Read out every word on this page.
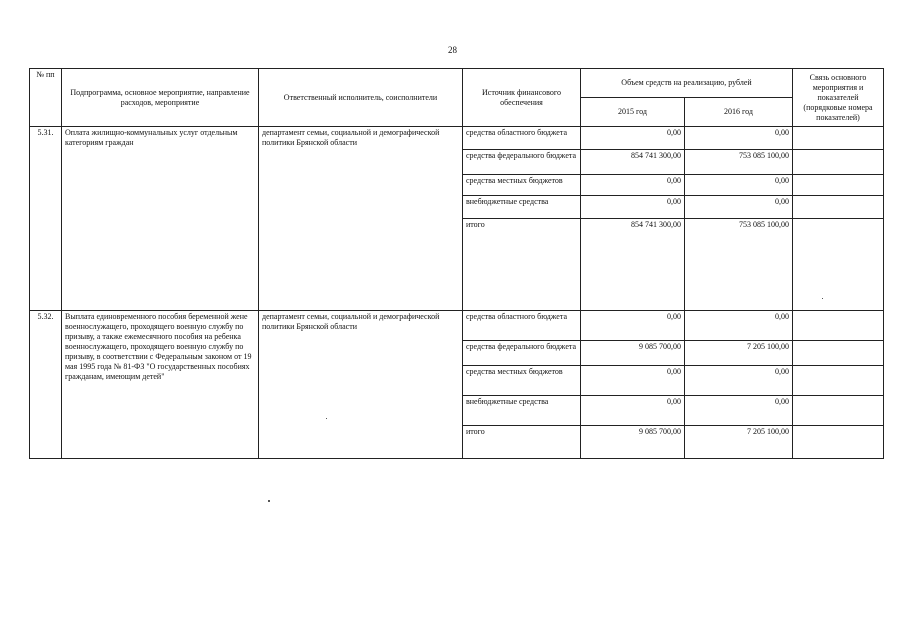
28
№ пп	Подпрограмма, основное мероприятие, направление расходов, мероприятие	Ответственный исполнитель, соисполнители	Источник финансового обеспечения	Объем средств на реализацию, рублей		Связь основного мероприятия и показателей (порядковые номера показателей)
				2015 год	2016 год	
5.31.	Оплата жилищно-коммунальных услуг отдельным категориям граждан	департамент семьи, социальной и демографической политики Брянской области	средства областного бюджета	0,00	0,00	
			средства федерального бюджета	854 741 300,00	753 085 100,00	
			средства местных бюджетов	0,00	0,00	
			внебюджетные средства	0,00	0,00	
			итого	854 741 300,00	753 085 100,00	

5.32.	Выплата единовременного пособия беременной жене военнослужащего, проходящего военную службу по призыву, а также ежемесячного пособия на ребенка военнослужащего, проходящего военную службу по призыву, в соответствии с Федеральным законом от 19 мая 1995 года № 81-ФЗ "О государственных пособиях гражданам, имеющим детей"	департамент семьи, социальной и демографической политики Брянской области	средства областного бюджета	0,00	0,00	
			средства федерального бюджета	9 085 700,00	7 205 100,00	
			средства местных бюджетов	0,00	0,00	
			внебюджетные средства	0,00	0,00	
			итого	9 085 700,00	7 205 100,00	
